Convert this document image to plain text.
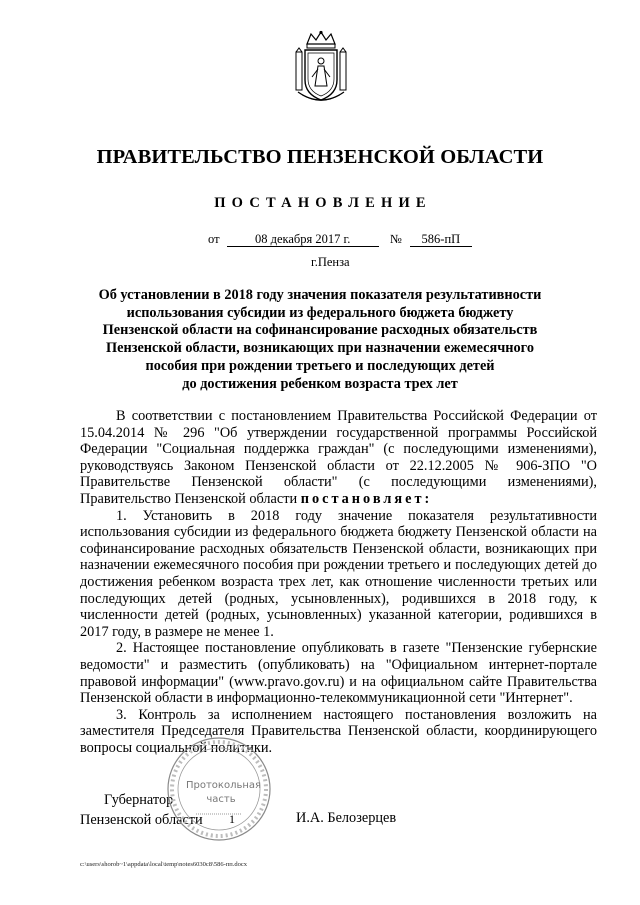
ПРАВИТЕЛЬСТВО ПЕНЗЕНСКОЙ ОБЛАСТИ
ПОСТАНОВЛЕНИЕ
от	08 декабря 2017 г.	№ 586-пП
г.Пенза
Об установлении в 2018 году значения показателя результативности
использования субсидии из федерального бюджета бюджету
Пензенской области на софинансирование расходных обязательств
Пензенской области, возникающих при назначении ежемесячного
пособия при рождении третьего и последующих детей
до достижения ребенком возраста трех лет

В соответствии с постановлением Правительства Российской Федерации от 15.04.2014 № 296 "Об утверждении государственной программы Российской Федерации "Социальная поддержка граждан" (с последующими изменениями), руководствуясь Законом Пензенской области от 22.12.2005 № 906-ЗПО "О Правительстве Пензенской области" (с последующими изменениями), Правительство Пензенской области постановляет:

1. Установить в 2018 году значение показателя результативности использования субсидии из федерального бюджета бюджету Пензенской области на софинансирование расходных обязательств Пензенской области, возникающих при назначении ежемесячного пособия при рождении третьего и последующих детей до достижения ребенком возраста трех лет, как отношение численности третьих или последующих детей (родных, усыновленных), родившихся в 2018 году, к численности детей (родных, усыновленных) указанной категории, родившихся в 2017 году, в размере не менее 1.

2. Настоящее постановление опубликовать в газете "Пензенские губернские ведомости" и разместить (опубликовать) на "Официальном интернет-портале правовой информации" (www.pravo.gov.ru) и на официальном сайте Правительства Пензенской области в информационно-телекоммуникационной сети "Интернет".

3. Контроль за исполнением настоящего постановления возложить на заместителя Председателя Правительства Пензенской области, координирующего вопросы социальной политики.

Губернатор
Пензенской области	И.А. Белозерцев
Протокольная
часть
1
c:\users\shorob~1\appdata\local\temp\notes6030c8\586-пп.docx
